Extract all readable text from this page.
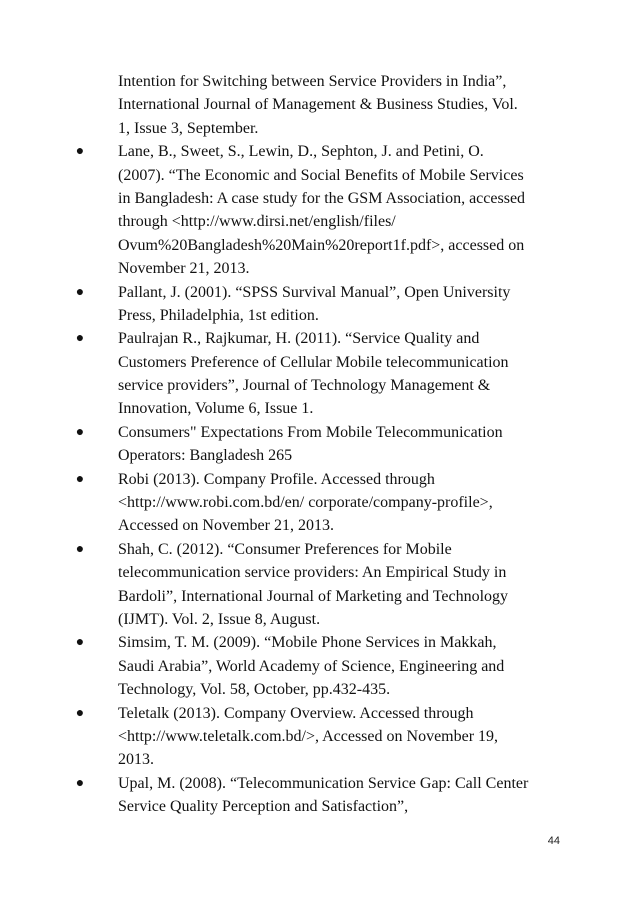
Intention for Switching between Service Providers in India”,
International Journal of Management & Business Studies, Vol.
1, Issue 3, September.
●	Lane, B., Sweet, S., Lewin, D., Sephton, J. and Petini, O.
(2007). “The Economic and Social Benefits of Mobile Services
in Bangladesh: A case study for the GSM Association, accessed
through <http://www.dirsi.net/english/files/
Ovum%20Bangladesh%20Main%20report1f.pdf>, accessed on
November 21, 2013.
●	Pallant, J. (2001). “SPSS Survival Manual”, Open University
Press, Philadelphia, 1st edition.
●	Paulrajan R., Rajkumar, H. (2011). “Service Quality and
Customers Preference of Cellular Mobile telecommunication
service providers”, Journal of Technology Management &
Innovation, Volume 6, Issue 1.
●	Consumers" Expectations From Mobile Telecommunication
Operators: Bangladesh 265
●	Robi (2013). Company Profile. Accessed through
<http://www.robi.com.bd/en/ corporate/company-profile>,
Accessed on November 21, 2013.
●	Shah, C. (2012). “Consumer Preferences for Mobile
telecommunication service providers: An Empirical Study in
Bardoli”, International Journal of Marketing and Technology
(IJMT). Vol. 2, Issue 8, August.
●	Simsim, T. M. (2009). “Mobile Phone Services in Makkah,
Saudi Arabia”, World Academy of Science, Engineering and
Technology, Vol. 58, October, pp.432-435.
●	Teletalk (2013). Company Overview. Accessed through
<http://www.teletalk.com.bd/>, Accessed on November 19,
2013.
●	Upal, M. (2008). “Telecommunication Service Gap: Call Center
Service Quality Perception and Satisfaction”,
44
